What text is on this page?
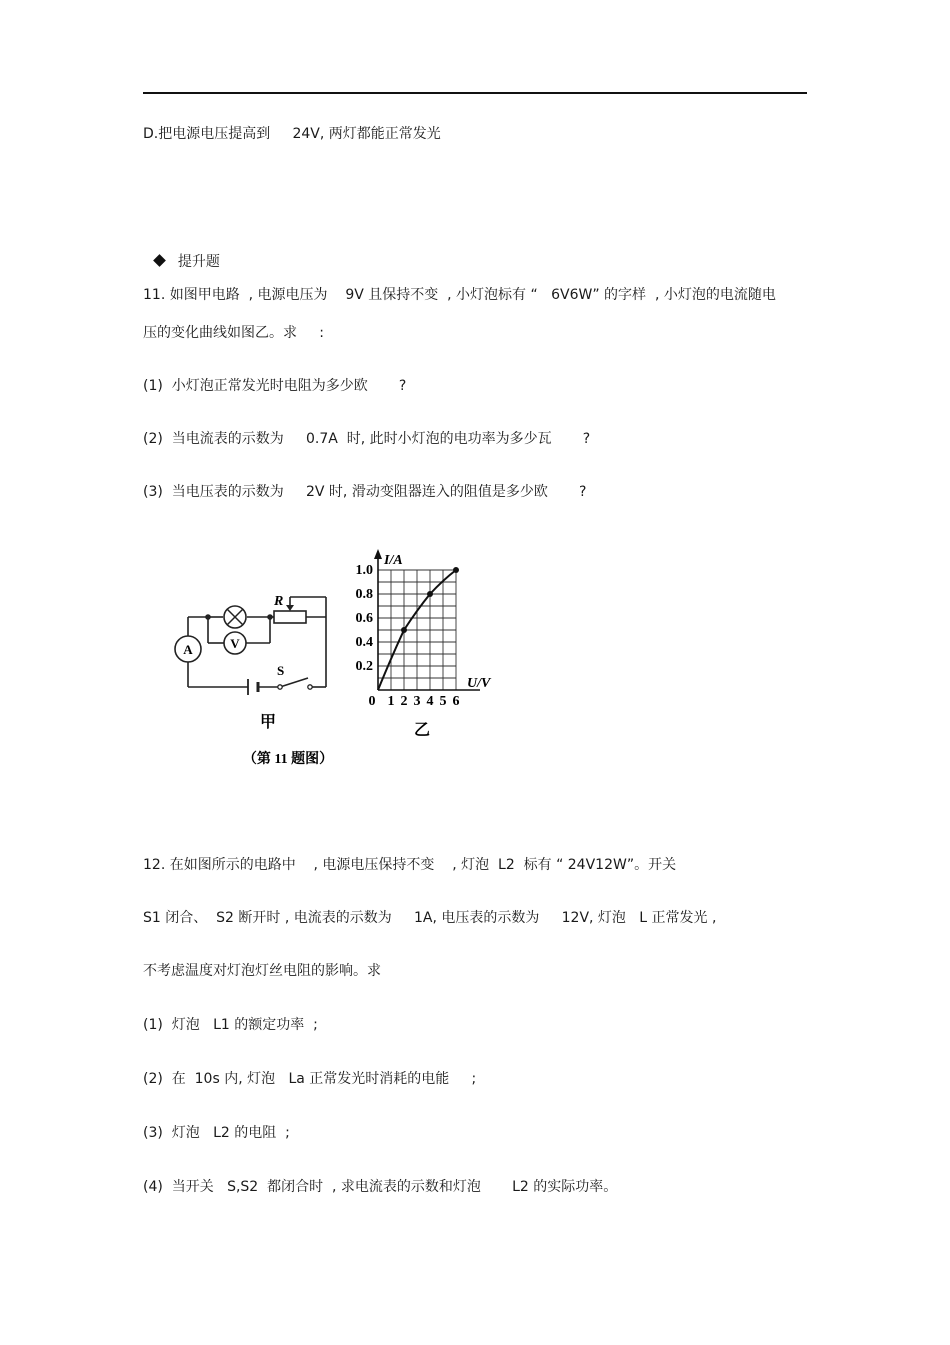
D.把电源电压提高到     24V, 两灯都能正常发光

提升题

11. 如图甲电路  , 电源电压为    9V 且保持不变  , 小灯泡标有 “   6V6W” 的字样  , 小灯泡的电流随电
压的变化曲线如图乙。求     :
(1)  小灯泡正常发光时电阻为多少欧       ?
(2)  当电流表的示数为     0.7A  时, 此时小灯泡的电功率为多少瓦       ?
(3)  当电压表的示数为     2V 时, 滑动变阻器连入的阻值是多少欧       ?
V
A
R
S
甲
I/A
U/V
1.0
0.8
0.6
0.4
0.2
0 1 2 3 4 5 6
乙
（第 11 题图）
12. 在如图所示的电路中    , 电源电压保持不变    , 灯泡  L2  标有 “ 24V12W”。开关
S1 闭合、  S2 断开时 , 电流表的示数为     1A, 电压表的示数为     12V, 灯泡   L 正常发光 ,
不考虑温度对灯泡灯丝电阻的影响。求
(1)  灯泡   L1 的额定功率  ;
(2)  在  10s 内, 灯泡   La 正常发光时消耗的电能     ;
(3)  灯泡   L2 的电阻  ;
(4)  当开关   S,S2  都闭合时  , 求电流表的示数和灯泡       L2 的实际功率。
